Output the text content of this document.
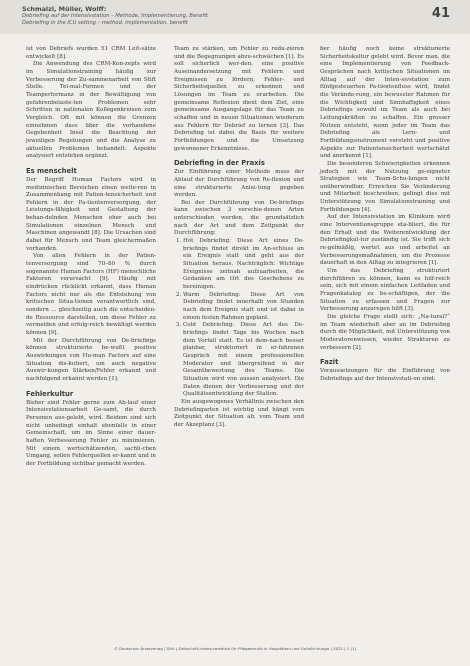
Schmalzl, Müller, Wolff:
Debriefing auf der Intensivstation – Methode, Implementierung, Benefit
Debriefing in the ICU setting – method, implementation, benefit
41

ist von Debriefs wurden 51 CRM Leit-sätze entwickelt [8].

Die Anwendung des CRM-Kon-zepts wird im Simulationstraining häufig zur Verbesserung der Zu-sammenarbeit von Stift Stelle. Tei-mal-Formen und der Teamperformanz in der Bewältigung von gefahrenbelaste-ten Problemen sehr Schritten in nationalen Kollegenkreisen zum Vergleich. Oft mit können die Grenzen einnehmen dass über die vorhandene Gegebenheit Insel die Beachtung der jeweiligen Regelungen und die Analyse zu aktuellen Problemen behandelt. Aspekte analysiert entstehen ergänzt.

Es menschelt

Der Begriff Human Factors wird in medizinischen Bereichen einen weite-ren in Zusammenhang mit Patien-tensicherheit und Fehlern in der Pa-tientenversorgung, der Leistungs-fähigkeit und Gestaltung der behan-delnden Menschen eher auch bei Simulationen einzelnen Mensch und Maschinen angewandt [8]. Die Ursachen sind dabei für Mensch und Team gleichermaßen vorhanden.

Von allen Fehlern in der Patien-tenversorgung sind 70–80 % durch sogenannte Human Factors (HF) menschliche Faktoren verursacht [9]. Häufig mit eindrücken rücklickt erkannt, dass Human Factors nicht nur als die Entstehung von kritischen Situa-tionen verantwortlich sind, sondern ... gleichzeitig auch die entscheiden-de Ressource darstellen, um diese Fehler zu vermeiden und erfolg-reich bewältigt werden können [9].

Mit der Durchführung von De-briefings können strukturierte be-wußt positive Auswirkungen von Hu-man Factors auf eine Situation dis-kutiert, um auch negative Auswir-kungen Stärken/Fehler erkannt und nachfolgend erkannt werden [1].

Fehlerkultur

Bisher sind Fehler gerne zum Ab-lauf einer Intensivstationsarbeit Ge-samt, die durch Personen aus-gelebt, wird. Beidem sind sich nicht unbedingt einhalt ebenfalls in einer Gemeinschaft, um im Sinne einer dauer-haften Verbesserung Fehler zu minimieren. Mit einem wertschätzenden, sachli-chen Umgang, sollen Fehlerquellen er-kannt und in der Fortbildung sichtbar gemacht werden.

Team zu stärken, um Fehler zu redu-zieren und die Begegnungen abzu-schwächen [1]. Es soll sicherlich wer-den, eine positive Auseinandersetzung mit Fehlern und Ereignissen zu fördern, Fehler- und Sicherheitsquellen zu erkennen und Lösungen im Team zu erarbeiten. Die gemeinsame Reflexion dient dem Ziel, eine gemeinsame Ausgangslage für das Team zu schaffen und in neuen Situationen wiederum aus Fehlern für Debrief zu lernen [3]. Das Debriefing ist dabei die Basis für weitere Fortbildungen und die Umsetzung gewonnener Erkenntnisse.

Debriefing in der Praxis

Zur Einführung einer Methode muss der Ablauf der Durchführung von Re-flexion und eine strukturierte Anlei-tung gegeben werden.

Bei der Durchführung von De-briefings kann zwischen 3 verschie-denen Arten unterschieden werden, die grundsätzlich nach der Art und dem Zeitpunkt der Durchführung:

1. Hot Debriefing: Diese Art eines De-briefings findet direkt im An-schluss an ein Ereignis statt und geht aus der Situation heraus. Nachträglich: Wichtige Ereignisse zeitnah aufzuarbeiten, die Gedanken am Ort des Geschehens zu bereinigen.
2. Warm Debriefing: Diese Art von Debriefing findet innerhalb von Stunden nach dem Ereignis statt und ist dabei in einem festen Rahmen geplant.
3. Cold Debriefing: Diese Art des De-briefings findet Tage bis Wochen nach dem Vorfall statt. Es ist dem-nach besser planbar, strukturiert in er-fahrenen Gespräch mit einem professionellen Moderator und übergreifend in der Gesamtbewertung des Teams. Die Situation wird von aussen analysiert. Die Daten dienen der Verbesserung und der Qualitätsentwicklung der Station.

Ein ausgewogenes Verhältnis zwischen den Debriefingarten ist wichtig und hängt vom Zeitpunkt der Situation ab, vom Team und der Akzeptanz [3].

ber häufig noch keine strukturierte Sicherheitskultur gelebt wird. Bevor man, die eine Implementierung von Feedback-Gesprächen nach kritischen Situationen im Alltag auf der Inten-sivstation zum fünfgesteuerten Pa-tientenfluss wird, findet die Verände-rung, ein bewusster Rahmen für die Wichtigkeit und Sinnhaftigkeit eines Debriefings sowohl im Team als auch bei Leitungskräften zu schaffen. Ein grosser Nutzen entsteht, wenn jeder im Team das Debriefing als Lern- und Fortbildungsinstrument versteht und positive Aspekte zur Patientensicherheit wertschätzt und anerkennt [1].

Die besonderen Schwierigkeiten erkennen jedoch mit der Nutzung ge-eigneter Strategien wie Team-Schu-lungen nicht unüberwindbar. Erreichen Sie Veränderung und Mitarbeit beschreiben, gelingt dies mit Unterstützung von Simulationstraining und Fortbildungen [4].

Auf der Intensivstation im Klinikum wird eine Interventionsgruppe eta-bliert, die für den Erhalt und die Weiterentwicklung der Debriefingkul-tur zuständig ist. Sie trifft sich re-gelmäßig, wertet aus und arbeitet an Verbesserungsmaßnahmen, um die Prozesse dauerhaft in den Alltag zu integrieren [1].

Um das Debriefing strukturiert durchführen zu können, kann es hilf-reich sein, sich mit einem einfachen Leitfaden und Fragenkatalog zu be-schäftigen, der die Situation zu erfassen und Fragen zur Verbesserung anzuregen hilft [3].

Die gleiche Frage stellt sich: „Na-tural?“ im Team wiederholt aber an im Debriefing durch die Möglichkeit, mit Unterstützung von Moderatorenwissen, wieder Strukturen zu verbessern [2].

Fazit

Voraussetzungen für die Einführung von Debriefings auf der Intensivstati-on sind:

© Deutscher Ärzteverlag | DIVI | Zeitschrift Intensivmedizin für Pflegeberufe in Hospitälern und Unfallchirurgie | 2022 | 1 (1)
